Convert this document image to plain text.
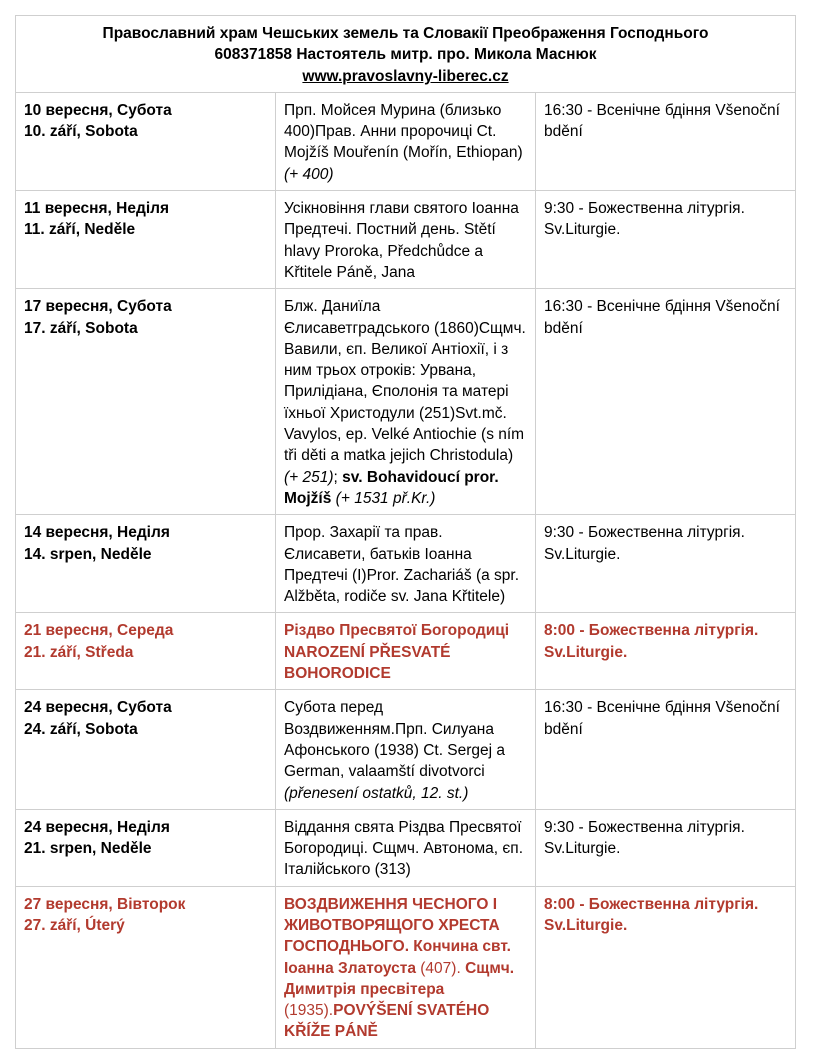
Православний храм Чешських земель та Словакії Преображення Господнього
608371858 Настоятель митр. про. Микола Маснюк
www.pravoslavny-liberec.cz		

10 вересня, Субота
10. září, Sobota	Прп. Мойсея Мурина (близько 400)Прав. Анни пророчиці Ct. Mojžíš Mouřenín (Mořín, Ethiopan) (+ 400)	16:30 - Всенічне бдіння Všenoční bdění

11 вересня, Неділя
11. září, Neděle	Усікновіння глави святого Іоанна Предтечі. Постний день. Stětí hlavy Proroka, Předchůdce a Křtitele Páně, Jana	9:30 - Божественна літургія. Sv.Liturgie.

17 вересня, Субота
17. září, Sobota	Блж. Даниїла Єлисаветградського (1860)Сщмч. Вавили, єп. Великої Антіохії, і з ним трьох отроків: Урвана, Прилідіана, Єполонія та матері їхньої Христодули (251)Svt.mč. Vavylos, ep. Velké Antiochie (s ním tři děti a matka jejich Christodula) (+ 251); sv. Bohavidoucí pror. Mojžíš (+ 1531 př.Kr.)	16:30 - Всенічне бдіння Všenoční bdění

14 вересня, Неділя
14. srpen, Neděle	Прор. Захарії та прав. Єлисавети, батьків Іоанна Предтечі (I)Pror. Zachariáš (a spr. Alžběta, rodiče sv. Jana Křtitele)	9:30 - Божественна літургія. Sv.Liturgie.

21 вересня, Середа
21. září, Středa	Різдво Пресвятої Богородиці NAROZENÍ PŘESVATÉ BOHORODICE	8:00 - Божественна літургія. Sv.Liturgie.

24 вересня, Субота
24. září, Sobota	Субота перед Воздвиженням.Прп. Силуана Афонського (1938) Ct. Sergej a German, valaamští divotvorci (přenesení ostatků, 12. st.)	16:30 - Всенічне бдіння Všenoční bdění

24 вересня, Неділя
21. srpen, Neděle	Віддання свята Різдва Пресвятої Богородиці. Сщмч. Автонома, єп. Італійського (313)	9:30 - Божественна літургія. Sv.Liturgie.

27 вересня, Вівторок
27. září, Úterý	ВОЗДВИЖЕННЯ ЧЕСНОГО І ЖИВОТВОРЯЩОГО ХРЕСТА ГОСПОДНЬОГО. Кончина свт. Іоанна Златоуста (407). Сщмч. Димитрія пресвітера (1935).POVÝŠENÍ SVATÉHO KŘÍŽE PÁNĚ	8:00 - Божественна літургія. Sv.Liturgie.
